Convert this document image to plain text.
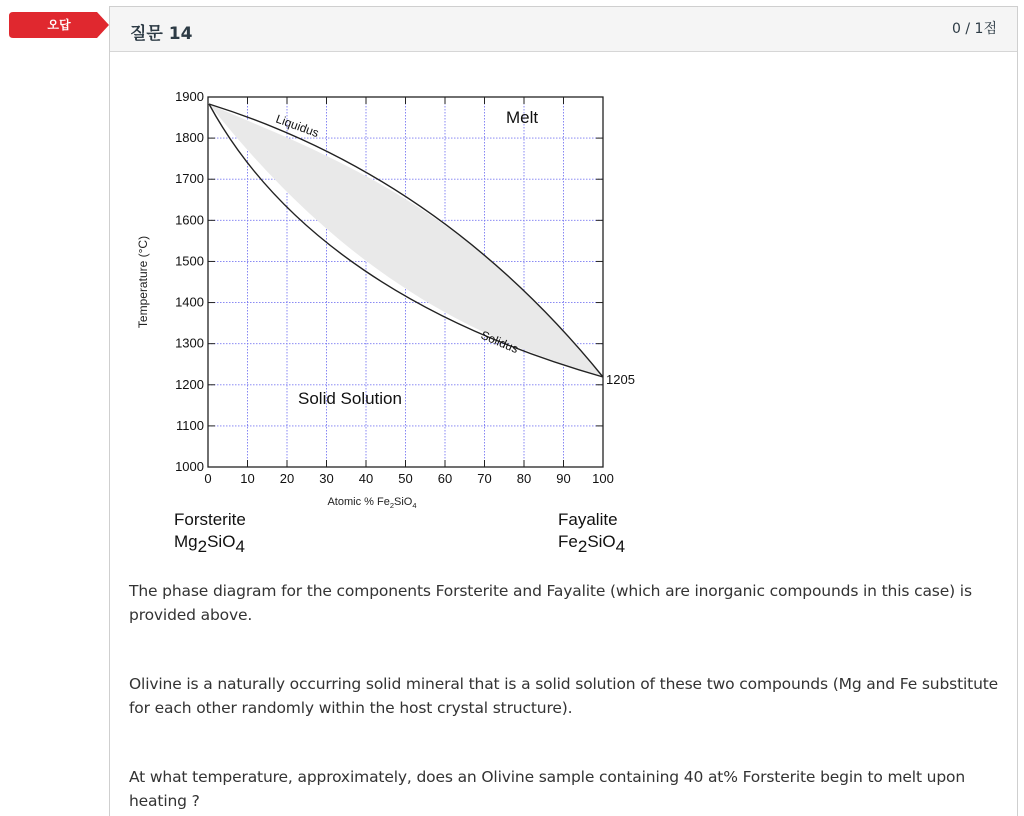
오답	질문 14	0 / 1점
0 10 20 30 40 50 60 70 80 90 100
1000
1100
1200
1300
1400
1500
1600
1700
1800
1900
Temperature (°C)
Atomic % $Fe_2SiO_4$
Melt
Solid Solution
Liquidus
Solidus
1205
Forsterite
Mg2SiO4
Fayalite
Fe2SiO4
The phase diagram for the components Forsterite and Fayalite (which are inorganic compounds in this case) is provided above.
Olivine is a naturally occurring solid mineral that is a solid solution of these two compounds (Mg and Fe substitute for each other randomly within the host crystal structure).
At what temperature, approximately, does an Olivine sample containing 40 at% Forsterite begin to melt upon heating ?
